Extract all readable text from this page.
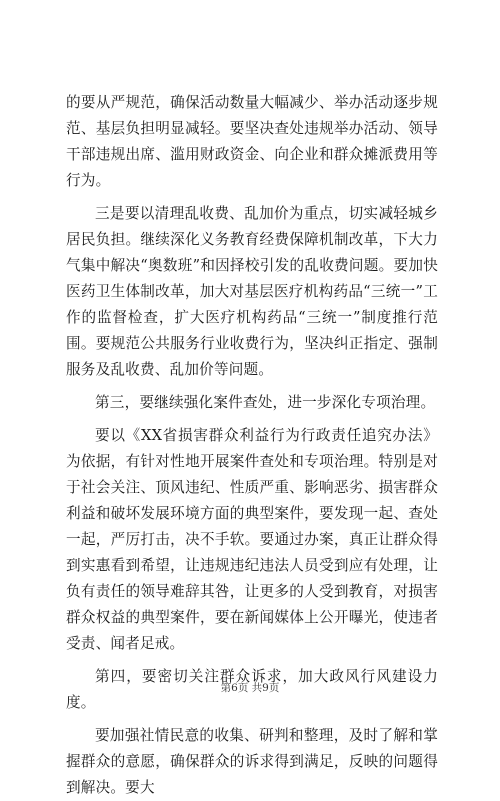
的要从严规范，确保活动数量大幅减少、举办活动逐步规范、基层负担明显减轻。要坚决查处违规举办活动、领导干部违规出席、滥用财政资金、向企业和群众摊派费用等行为。

三是要以清理乱收费、乱加价为重点，切实减轻城乡居民负担。继续深化义务教育经费保障机制改革，下大力气集中解决“奥数班”和因择校引发的乱收费问题。要加快医药卫生体制改革，加大对基层医疗机构药品“三统一”工作的监督检查，扩大医疗机构药品“三统一”制度推行范围。要规范公共服务行业收费行为，坚决纠正指定、强制服务及乱收费、乱加价等问题。

第三，要继续强化案件查处，进一步深化专项治理。

要以《XX省损害群众利益行为行政责任追究办法》为依据，有针对性地开展案件查处和专项治理。特别是对于社会关注、顶风违纪、性质严重、影响恶劣、损害群众利益和破坏发展环境方面的典型案件，要发现一起、查处一起，严厉打击，决不手软。要通过办案，真正让群众得到实惠看到希望，让违规违纪违法人员受到应有处理，让负有责任的领导难辞其咎，让更多的人受到教育，对损害群众权益的典型案件，要在新闻媒体上公开曝光，使违者受责、闻者足戒。

第四，要密切关注群众诉求，加大政风行风建设力度。

要加强社情民意的收集、研判和整理，及时了解和掌握群众的意愿，确保群众的诉求得到满足，反映的问题得到解决。要大

第6页 共9页
